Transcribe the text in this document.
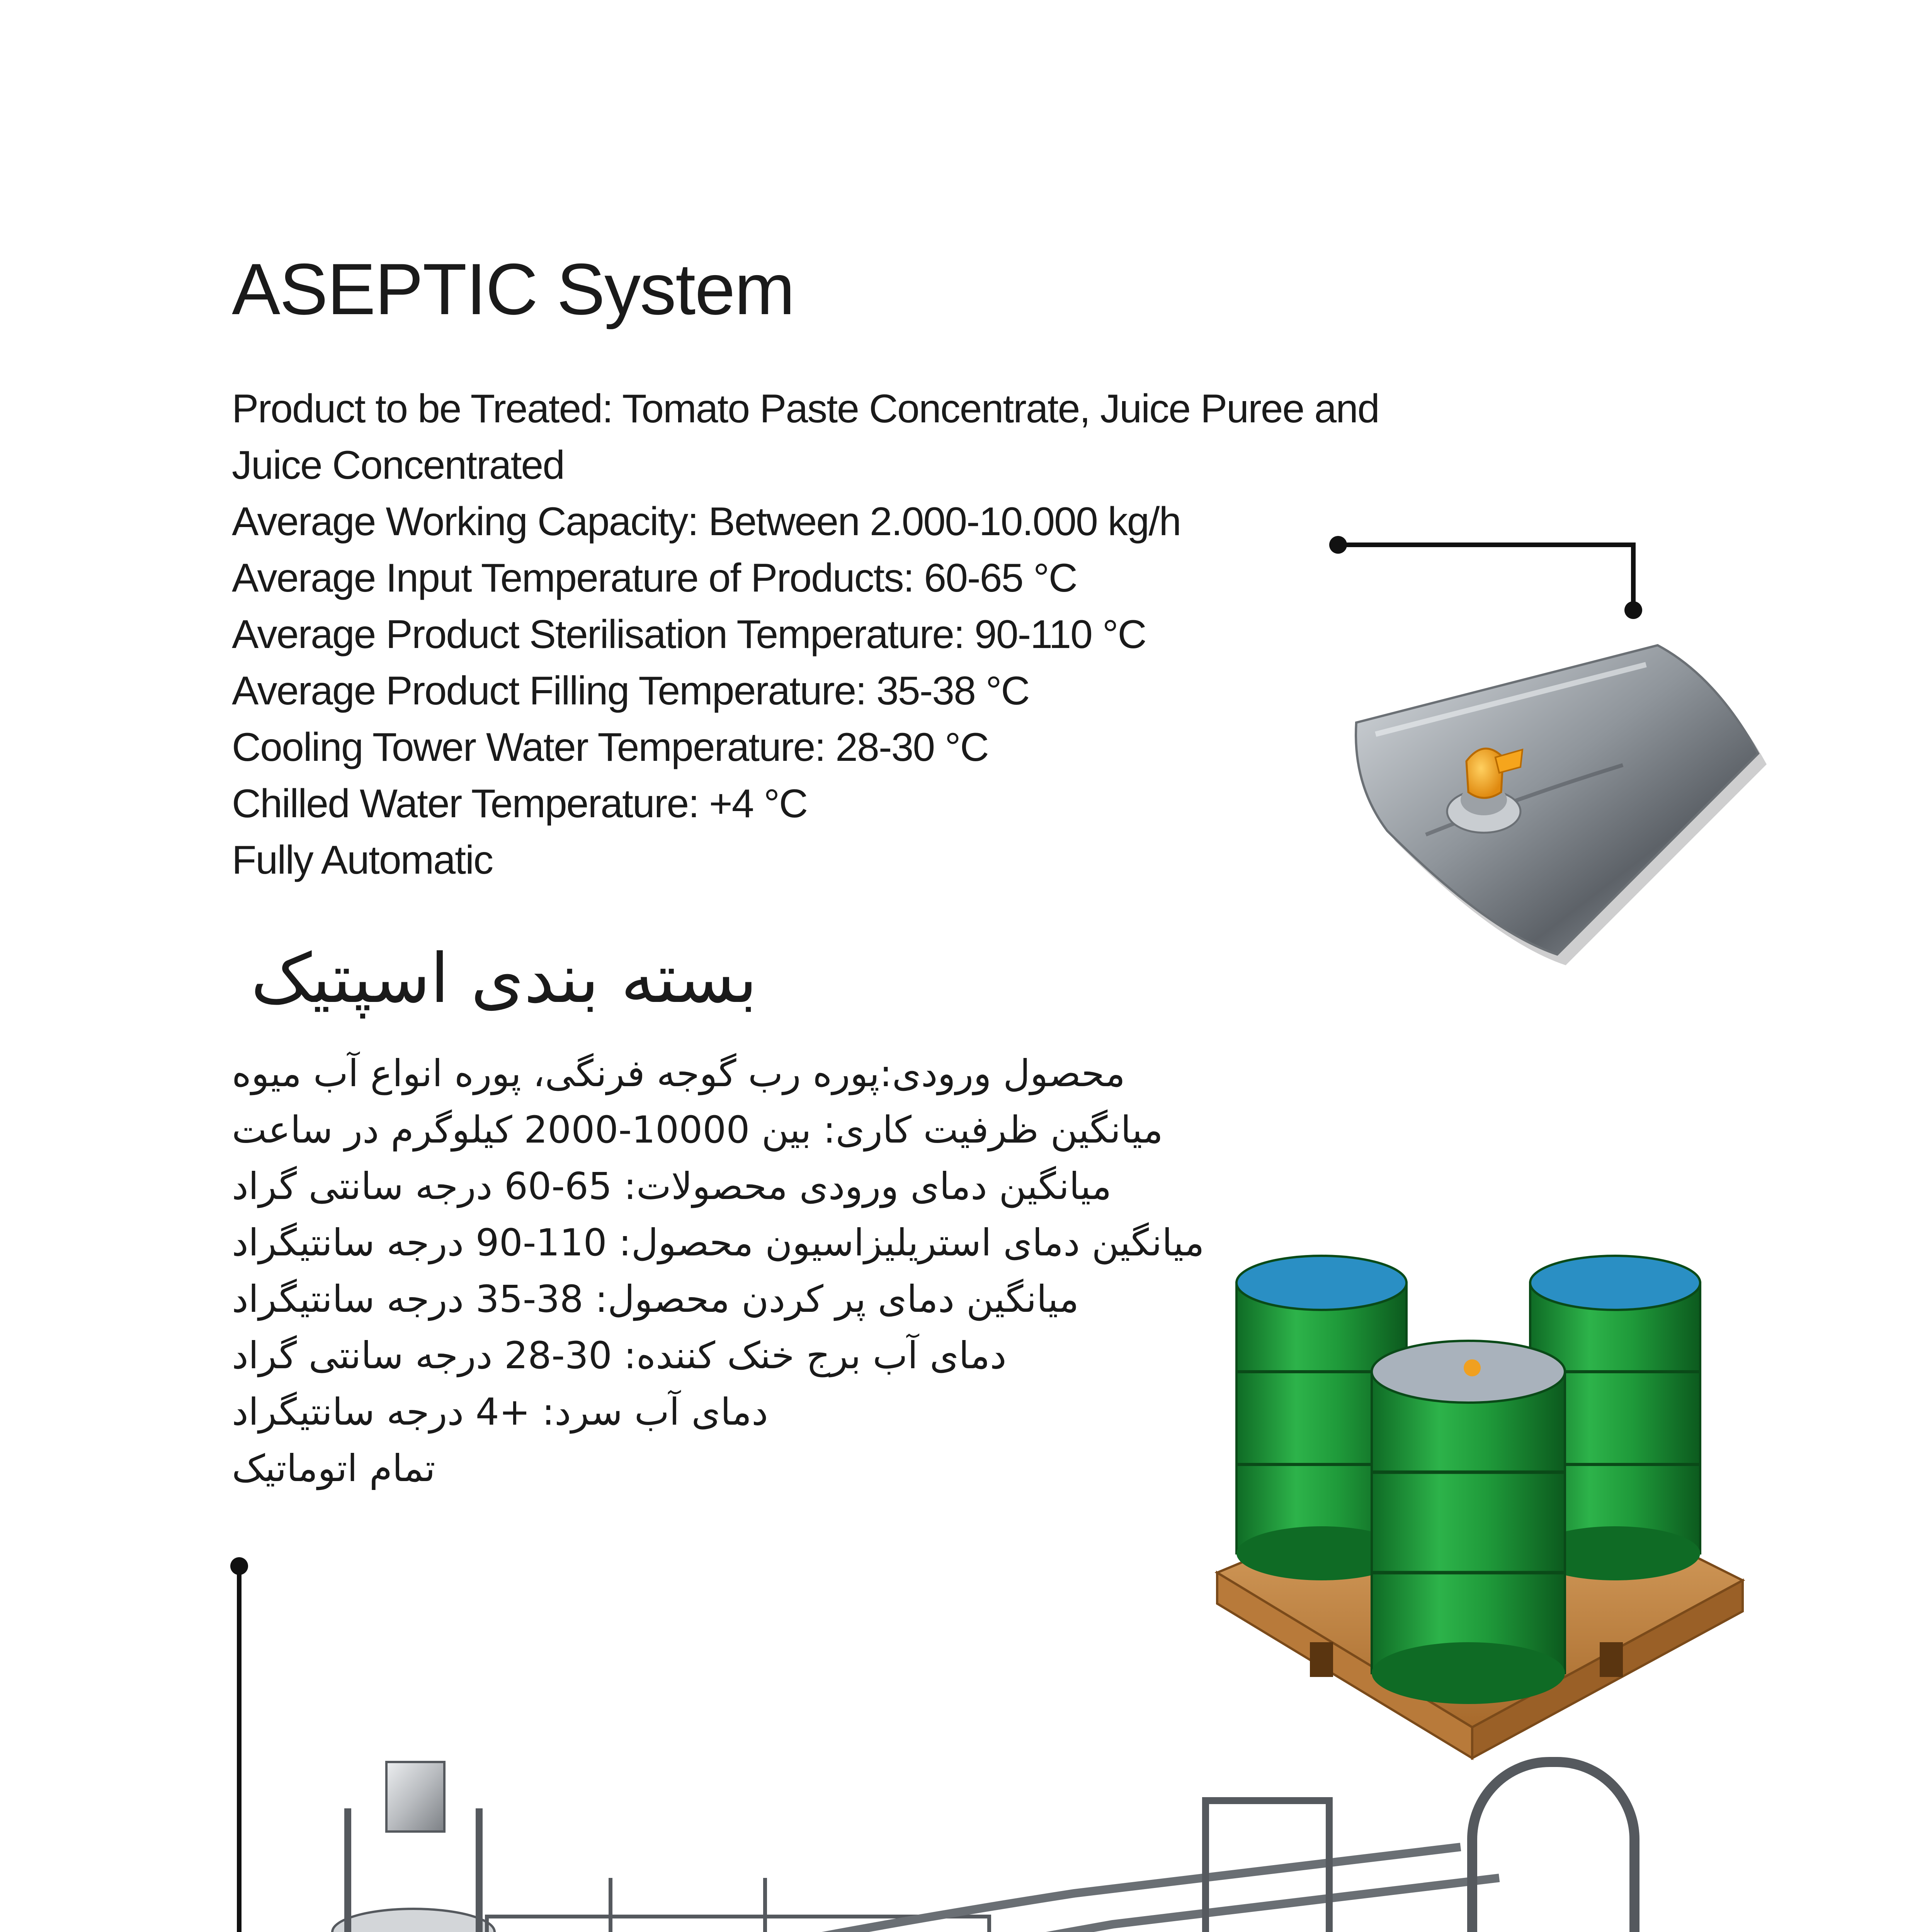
ASEPTIC System
Product to be Treated: Tomato Paste Concentrate, Juice Puree and
Juice Concentrated
Average Working Capacity: Between 2.000-10.000 kg/h
Average Input Temperature of Products: 60-65 °C
Average Product Sterilisation Temperature: 90-110 °C
Average Product Filling Temperature: 35-38 °C
Cooling Tower Water Temperature: 28-30 °C
Chilled Water Temperature: +4 °C
Fully Automatic
بسته بندی اسپتیک
محصول ورودی:پوره رب گوجه فرنگی، پوره انواع آب میوه
میانگین ظرفیت کاری: بین 10000-2000 کیلوگرم در ساعت
میانگین دمای ورودی محصولات: 65-60 درجه سانتی گراد
میانگین دمای استریلیزاسیون محصول: 110-90 درجه سانتیگراد
میانگین دمای پر کردن محصول: 38-35 درجه سانتیگراد
دمای آب برج خنک کننده: 30-28 درجه سانتی گراد
دمای آب سرد: +4 درجه سانتیگراد
تمام اتوماتیک
